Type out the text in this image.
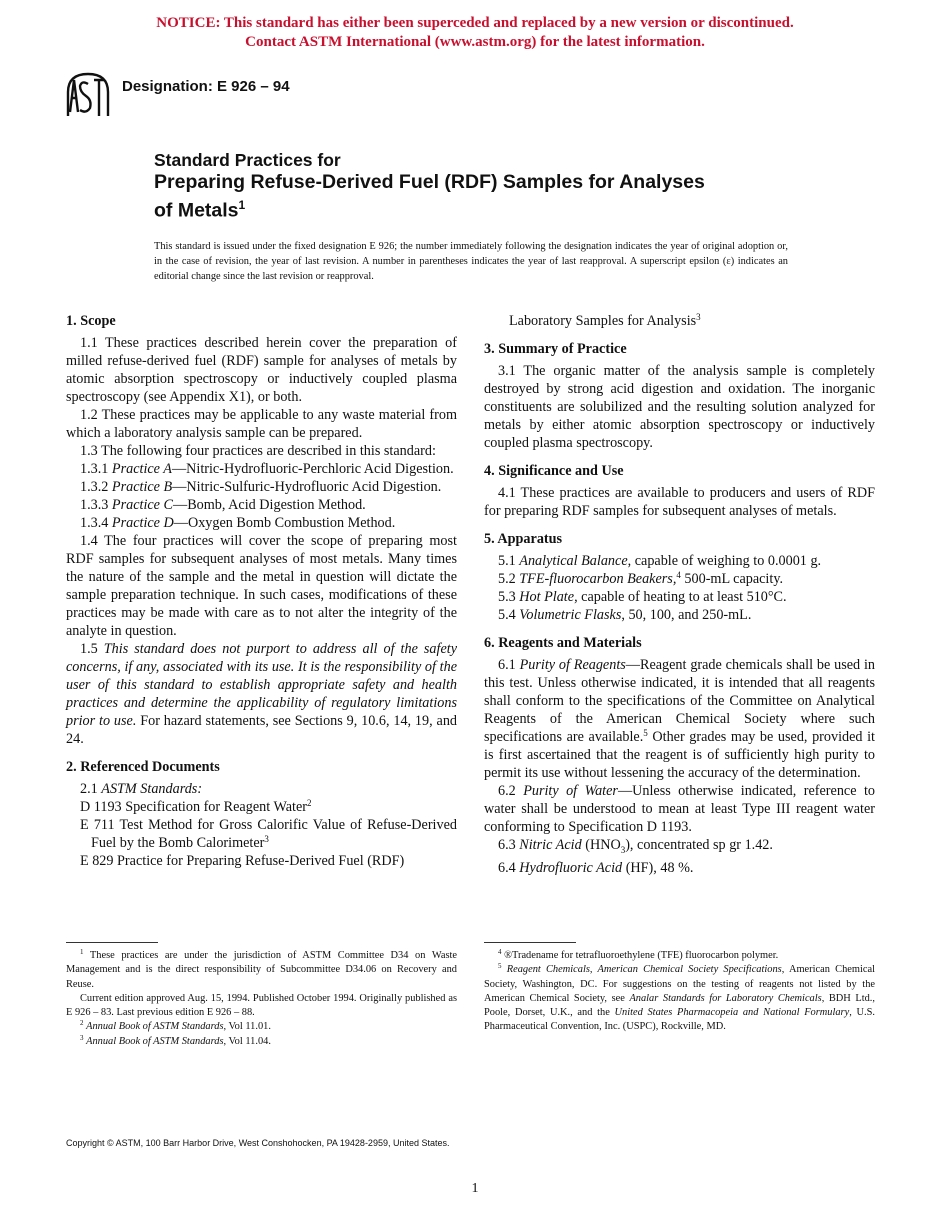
NOTICE: This standard has either been superceded and replaced by a new version or discontinued.
Contact ASTM International (www.astm.org) for the latest information.
Designation: E 926 – 94
Standard Practices for
Preparing Refuse-Derived Fuel (RDF) Samples for Analyses
of Metals$^1$
This standard is issued under the fixed designation E 926; the number immediately following the designation indicates the year of original adoption or, in the case of revision, the year of last revision. A number in parentheses indicates the year of last reapproval. A superscript epsilon (ε) indicates an editorial change since the last revision or reapproval.
1. Scope

1.1 These practices described herein cover the preparation of milled refuse-derived fuel (RDF) sample for analyses of metals by atomic absorption spectroscopy or inductively coupled plasma spectroscopy (see Appendix X1), or both.

1.2 These practices may be applicable to any waste material from which a laboratory analysis sample can be prepared.

1.3 The following four practices are described in this standard:

1.3.1 Practice A—Nitric-Hydrofluoric-Perchloric Acid Digestion.

1.3.2 Practice B—Nitric-Sulfuric-Hydrofluoric Acid Digestion.

1.3.3 Practice C—Bomb, Acid Digestion Method.

1.3.4 Practice D—Oxygen Bomb Combustion Method.

1.4 The four practices will cover the scope of preparing most RDF samples for subsequent analyses of most metals. Many times the nature of the sample and the metal in question will dictate the sample preparation technique. In such cases, modifications of these practices may be made with care as to not alter the integrity of the analyte in question.

1.5 This standard does not purport to address all of the safety concerns, if any, associated with its use. It is the responsibility of the user of this standard to establish appropriate safety and health practices and determine the applicability of regulatory limitations prior to use. For hazard statements, see Sections 9, 10.6, 14, 19, and 24.

2. Referenced Documents

2.1 ASTM Standards:

D 1193 Specification for Reagent Water$^2$

E 711 Test Method for Gross Calorific Value of Refuse-Derived Fuel by the Bomb Calorimeter$^3$

E 829 Practice for Preparing Refuse-Derived Fuel (RDF)

Laboratory Samples for Analysis$^3$

3. Summary of Practice

3.1 The organic matter of the analysis sample is completely destroyed by strong acid digestion and oxidation. The inorganic constituents are solubilized and the resulting solution analyzed for metals by either atomic absorption spectroscopy or inductively coupled plasma spectroscopy.

4. Significance and Use

4.1 These practices are available to producers and users of RDF for preparing RDF samples for subsequent analyses of metals.

5. Apparatus

5.1 Analytical Balance, capable of weighing to 0.0001 g.

5.2 TFE-fluorocarbon Beakers,$^4$ 500-mL capacity.

5.3 Hot Plate, capable of heating to at least 510°C.

5.4 Volumetric Flasks, 50, 100, and 250-mL.

6. Reagents and Materials

6.1 Purity of Reagents—Reagent grade chemicals shall be used in this test. Unless otherwise indicated, it is intended that all reagents shall conform to the specifications of the Committee on Analytical Reagents of the American Chemical Society where such specifications are available.$^5$ Other grades may be used, provided it is first ascertained that the reagent is of sufficiently high purity to permit its use without lessening the accuracy of the determination.

6.2 Purity of Water—Unless otherwise indicated, reference to water shall be understood to mean at least Type III reagent water conforming to Specification D 1193.

6.3 Nitric Acid $(HNO_3)$, concentrated sp gr 1.42.

6.4 Hydrofluoric Acid (HF), 48 %.

$^1$ These practices are under the jurisdiction of ASTM Committee D34 on Waste Management and is the direct responsibility of Subcommittee D34.06 on Recovery and Reuse.

Current edition approved Aug. 15, 1994. Published October 1994. Originally published as E 926 – 83. Last previous edition E 926 – 88.

$^2$ Annual Book of ASTM Standards, Vol 11.01.

$^3$ Annual Book of ASTM Standards, Vol 11.04.

$^4$ ®Tradename for tetrafluoroethylene (TFE) fluorocarbon polymer.

$^5$ Reagent Chemicals, American Chemical Society Specifications, American Chemical Society, Washington, DC. For suggestions on the testing of reagents not listed by the American Chemical Society, see Analar Standards for Laboratory Chemicals, BDH Ltd., Poole, Dorset, U.K., and the United States Pharmacopeia and National Formulary, U.S. Pharmaceutical Convention, Inc. (USPC), Rockville, MD.

Copyright © ASTM, 100 Barr Harbor Drive, West Conshohocken, PA 19428-2959, United States.
1
